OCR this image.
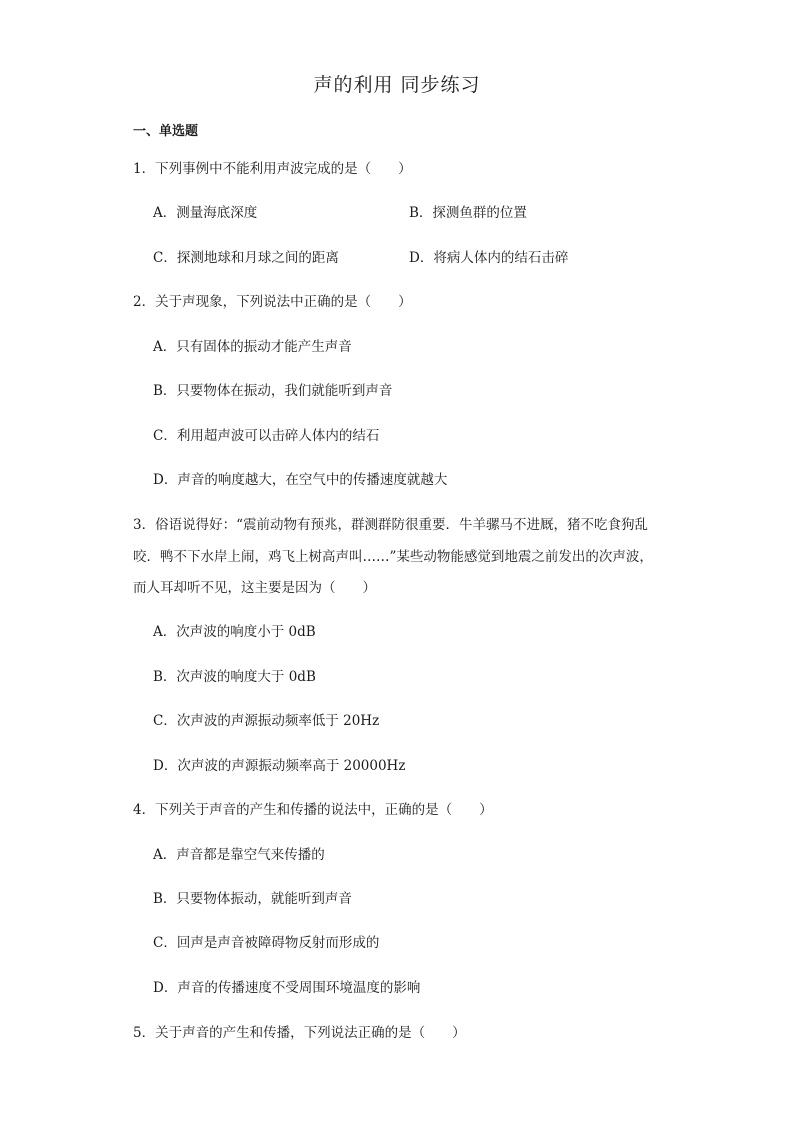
声的利用 同步练习
一、单选题
1．下列事例中不能利用声波完成的是（　　）
A．测量海底深度	B．探测鱼群的位置
C．探测地球和月球之间的距离	D．将病人体内的结石击碎
2．关于声现象，下列说法中正确的是（　　）
A．只有固体的振动才能产生声音
B．只要物体在振动，我们就能听到声音
C．利用超声波可以击碎人体内的结石
D．声音的响度越大，在空气中的传播速度就越大
3．俗语说得好：“震前动物有预兆，群测群防很重要．牛羊骡马不进厩，猪不吃食狗乱
咬．鸭不下水岸上闹，鸡飞上树高声叫……”某些动物能感觉到地震之前发出的次声波，
而人耳却听不见，这主要是因为（　　）
A．次声波的响度小于 0dB
B．次声波的响度大于 0dB
C．次声波的声源振动频率低于 20Hz
D．次声波的声源振动频率高于 20000Hz
4．下列关于声音的产生和传播的说法中，正确的是（　　）
A．声音都是靠空气来传播的
B．只要物体振动，就能听到声音
C．回声是声音被障碍物反射而形成的
D．声音的传播速度不受周围环境温度的影响
5．关于声音的产生和传播，下列说法正确的是（　　）
